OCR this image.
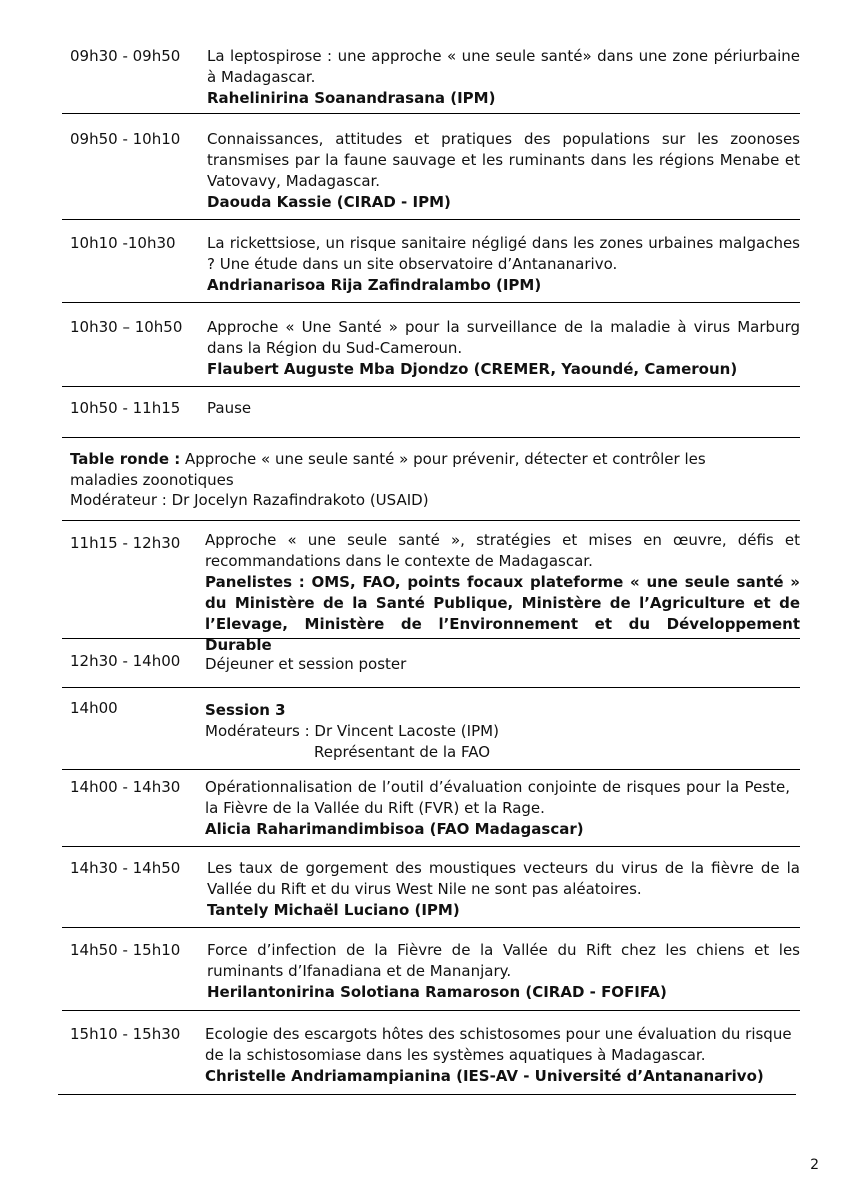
09h30 - 09h50 La leptospirose : une approche « une seule santé» dans une zone périurbaine à Madagascar.
Rahelinirina Soanandrasana (IPM)
09h50 - 10h10 Connaissances, attitudes et pratiques des populations sur les zoonoses transmises par la faune sauvage et les ruminants dans les régions Menabe et Vatovavy, Madagascar.
Daouda Kassie (CIRAD - IPM)
10h10 -10h30 La rickettsiose, un risque sanitaire négligé dans les zones urbaines malgaches ? Une étude dans un site observatoire d’Antananarivo.
Andrianarisoa Rija Zafindralambo (IPM)
10h30 – 10h50 Approche « Une Santé » pour la surveillance de la maladie à virus Marburg dans la Région du Sud-Cameroun.
Flaubert Auguste Mba Djondzo (CREMER, Yaoundé, Cameroun)
10h50 - 11h15 Pause
Table ronde : Approche « une seule santé » pour prévenir, détecter et contrôler les maladies zoonotiques
Modérateur : Dr Jocelyn Razafindrakoto (USAID)
11h15 - 12h30 Approche « une seule santé », stratégies et mises en œuvre, défis et recommandations dans le contexte de Madagascar.
Panelistes : OMS, FAO, points focaux plateforme « une seule santé » du Ministère de la Santé Publique, Ministère de l’Agriculture et de l’Elevage, Ministère de l’Environnement et du Développement Durable
12h30 - 14h00 Déjeuner et session poster
14h00	Session 3
Modérateurs : Dr Vincent Lacoste (IPM)
Représentant de la FAO
14h00 - 14h30 Opérationnalisation de l’outil d’évaluation conjointe de risques pour la Peste, la Fièvre de la Vallée du Rift (FVR) et la Rage.
Alicia Raharimandimbisoa (FAO Madagascar)
14h30 - 14h50 Les taux de gorgement des moustiques vecteurs du virus de la fièvre de la Vallée du Rift et du virus West Nile ne sont pas aléatoires.
Tantely Michaël Luciano (IPM)
14h50 - 15h10 Force d’infection de la Fièvre de la Vallée du Rift chez les chiens et les ruminants d’Ifanadiana et de Mananjary.
Herilantonirina Solotiana Ramaroson (CIRAD - FOFIFA)
15h10 - 15h30 Ecologie des escargots hôtes des schistosomes pour une évaluation du risque de la schistosomiase dans les systèmes aquatiques à Madagascar.
Christelle Andriamampianina (IES-AV - Université d’Antananarivo)
2
